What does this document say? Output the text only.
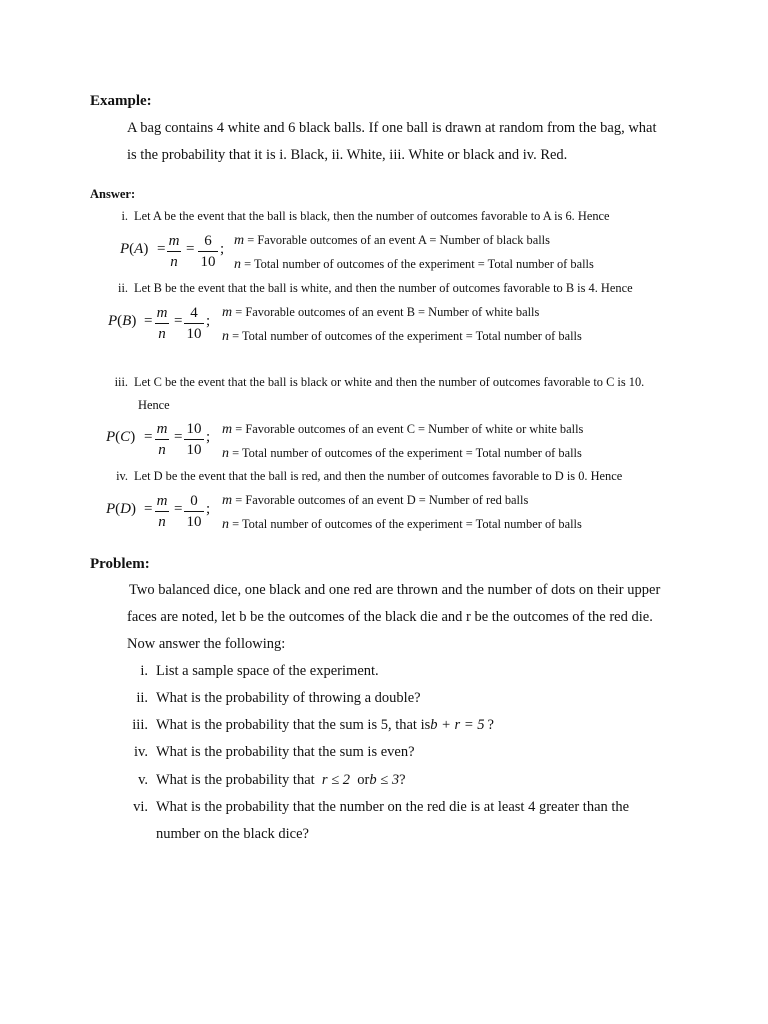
Example:
A bag contains 4 white and 6 black balls. If one ball is drawn at random from the bag, what
is the probability that it is i. Black, ii. White, iii. White or black and iv. Red.
Answer:
i. Let A be the event that the ball is black, then the number of outcomes favorable to A is 6. Hence
P(A) = m
n
= 6
10
;
m = Favorable outcomes of an event A = Number of black balls
n = Total number of outcomes of the experiment = Total number of balls
ii. Let B be the event that the ball is white, and then the number of outcomes favorable to B is 4. Hence
P(B) = m
n
= 4
10
;
m = Favorable outcomes of an event B = Number of white balls
n = Total number of outcomes of the experiment = Total number of balls
iii. Let C be the event that the ball is black or white and then the number of outcomes favorable to C is 10.
Hence
P(C) = m
n
= 10
10
; m = Favorable outcomes of an event C = Number of white or white balls
n = Total number of outcomes of the experiment = Total number of balls
iv. Let D be the event that the ball is red, and then the number of outcomes favorable to D is 0. Hence
P(D) = m
n
= 0
10
;
m = Favorable outcomes of an event D = Number of red balls
n = Total number of outcomes of the experiment = Total number of balls
Problem:
Two balanced dice, one black and one red are thrown and the number of dots on their upper
faces are noted, let b be the outcomes of the black die and r be the outcomes of the red die.
Now answer the following:
i. List a sample space of the experiment.
ii. What is the probability of throwing a double?
iii. What is the probability that the sum is 5, that isb + r = 5 ?
iv. What is the probability that the sum is even?
v. What is the probability that r ≤ 2 orb ≤ 3?
vi. What is the probability that the number on the red die is at least 4 greater than the
number on the black dice?
